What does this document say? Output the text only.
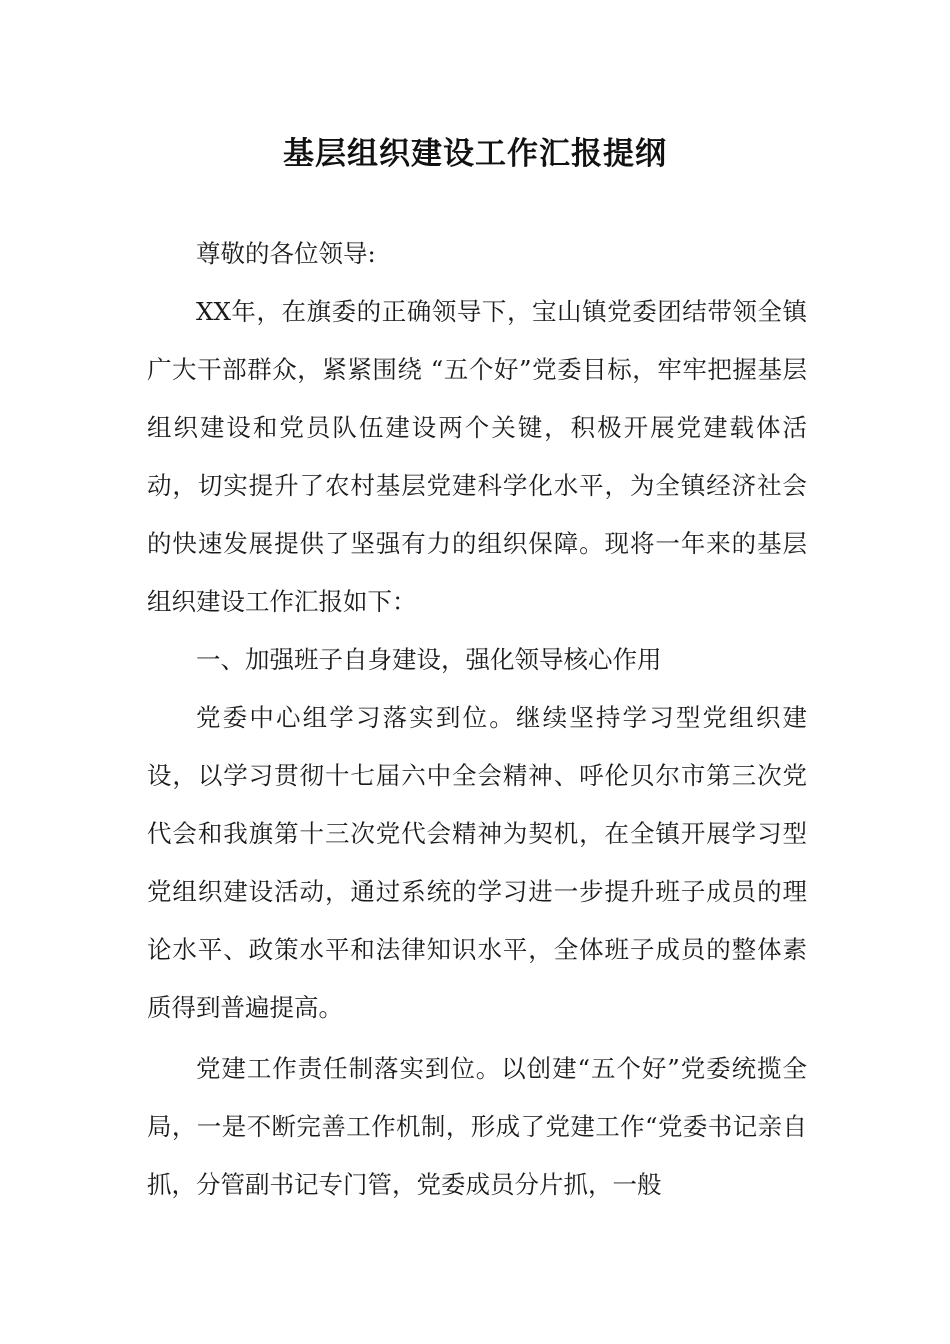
基层组织建设工作汇报提纲

尊敬的各位领导:

XX年，在旗委的正确领导下，宝山镇党委团结带领全镇广大干部群众，紧紧围绕 “五个好”党委目标，牢牢把握基层组织建设和党员队伍建设两个关键，积极开展党建载体活动，切实提升了农村基层党建科学化水平，为全镇经济社会的快速发展提供了坚强有力的组织保障。现将一年来的基层组织建设工作汇报如下：

一、加强班子自身建设，强化领导核心作用

党委中心组学习落实到位。继续坚持学习型党组织建设，以学习贯彻十七届六中全会精神、呼伦贝尔市第三次党代会和我旗第十三次党代会精神为契机，在全镇开展学习型党组织建设活动，通过系统的学习进一步提升班子成员的理论水平、政策水平和法律知识水平，全体班子成员的整体素质得到普遍提高。

党建工作责任制落实到位。以创建“五个好”党委统揽全局，一是不断完善工作机制，形成了党建工作“党委书记亲自抓，分管副书记专门管，党委成员分片抓，一般
